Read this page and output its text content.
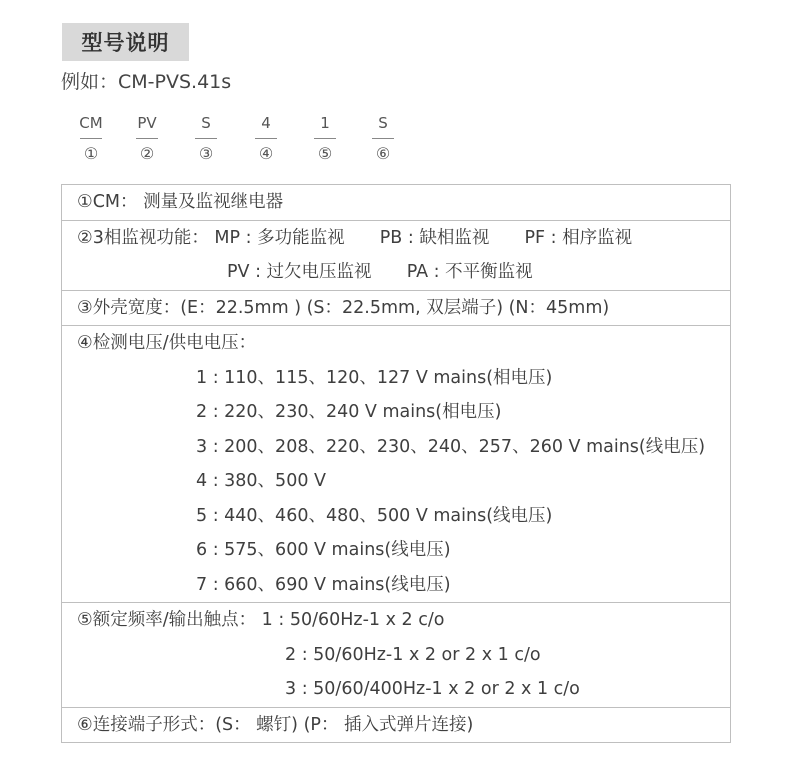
型号说明
例如：CM-PVS.41s
CM
①
PV
②
S
③
4
④
1
⑤
S
⑥
①CM： 测量及监视继电器
②3相监视功能： MP : 多功能监视 PB : 缺相监视 PF : 相序监视
PV : 过欠电压监视 PA : 不平衡监视
③外壳宽度：(E：22.5mm ) (S：22.5mm, 双层端子) (N：45mm)
④检测电压/供电电压：
1 : 110、115、120、127 V mains(相电压)
2 : 220、230、240 V mains(相电压)
3 : 200、208、220、230、240、257、260 V mains(线电压)
4 : 380、500 V
5 : 440、460、480、500 V mains(线电压)
6 : 575、600 V mains(线电压)
7 : 660、690 V mains(线电压)
⑤额定频率/输出触点： 1 : 50/60Hz-1 x 2 c/o
2 : 50/60Hz-1 x 2 or 2 x 1 c/o
3 : 50/60/400Hz-1 x 2 or 2 x 1 c/o
⑥连接端子形式：(S： 螺钉) (P： 插入式弹片连接)
